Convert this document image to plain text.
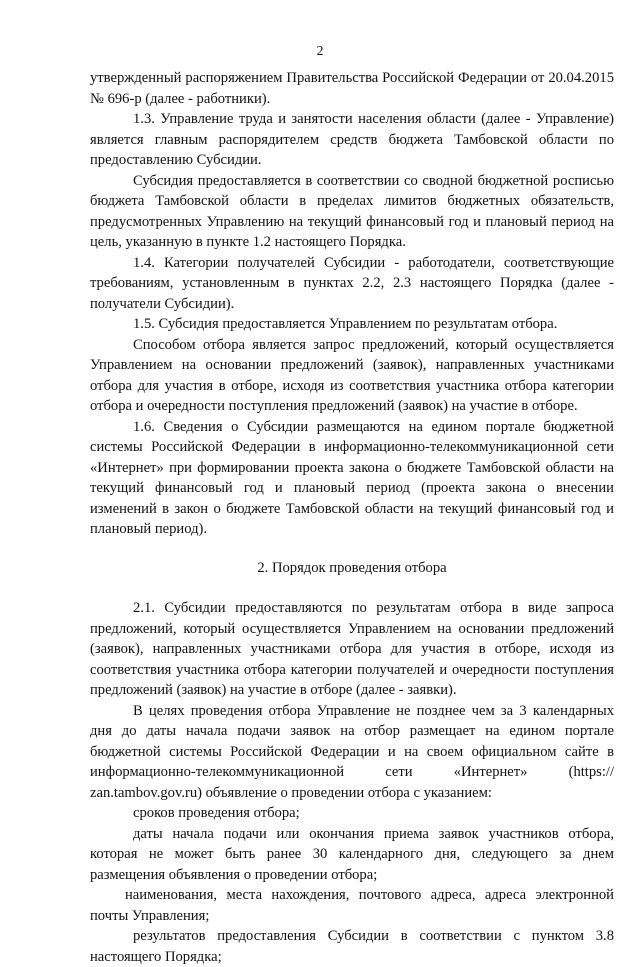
2

утвержденный распоряжением Правительства Российской Федерации от 20.04.2015 № 696-р (далее - работники).

1.3. Управление труда и занятости населения области (далее - Управление) является главным распорядителем средств бюджета Тамбовской области по предоставлению Субсидии.

Субсидия предоставляется в соответствии со сводной бюджетной росписью бюджета Тамбовской области в пределах лимитов бюджетных обязательств, предусмотренных Управлению на текущий финансовый год и плановый период на цель, указанную в пункте 1.2 настоящего Порядка.

1.4. Категории получателей Субсидии - работодатели, соответствующие требованиям, установленным в пунктах 2.2, 2.3 настоящего Порядка (далее - получатели Субсидии).

1.5. Субсидия предоставляется Управлением по результатам отбора.

Способом отбора является запрос предложений, который осуществляется Управлением на основании предложений (заявок), направленных участниками отбора для участия в отборе, исходя из соответствия участника отбора категории отбора и очередности поступления предложений (заявок) на участие в отборе.

1.6. Сведения о Субсидии размещаются на едином портале бюджетной системы Российской Федерации в информационно-телекоммуникационной сети «Интернет» при формировании проекта закона о бюджете Тамбовской области на текущий финансовый год и плановый период (проекта закона о внесении изменений в закон о бюджете Тамбовской области на текущий финансовый год и плановый период).

2. Порядок проведения отбора

2.1. Субсидии предоставляются по результатам отбора в виде запроса предложений, который осуществляется Управлением на основании предложений (заявок), направленных участниками отбора для участия в отборе, исходя из соответствия участника отбора категории получателей и очередности поступления предложений (заявок) на участие в отборе (далее - заявки).

В целях проведения отбора Управление не позднее чем за 3 календарных дня до даты начала подачи заявок на отбор размещает на едином портале бюджетной системы Российской Федерации и на своем официальном сайте в информационно-телекоммуникационной сети «Интернет» (https:// zan.tambov.gov.ru) объявление о проведении отбора с указанием:

сроков проведения отбора;

даты начала подачи или окончания приема заявок участников отбора, которая не может быть ранее 30 календарного дня, следующего за днем размещения объявления о проведении отбора;

наименования, места нахождения, почтового адреса, адреса электронной почты Управления;

результатов предоставления Субсидии в соответствии с пунктом 3.8 настоящего Порядка;
